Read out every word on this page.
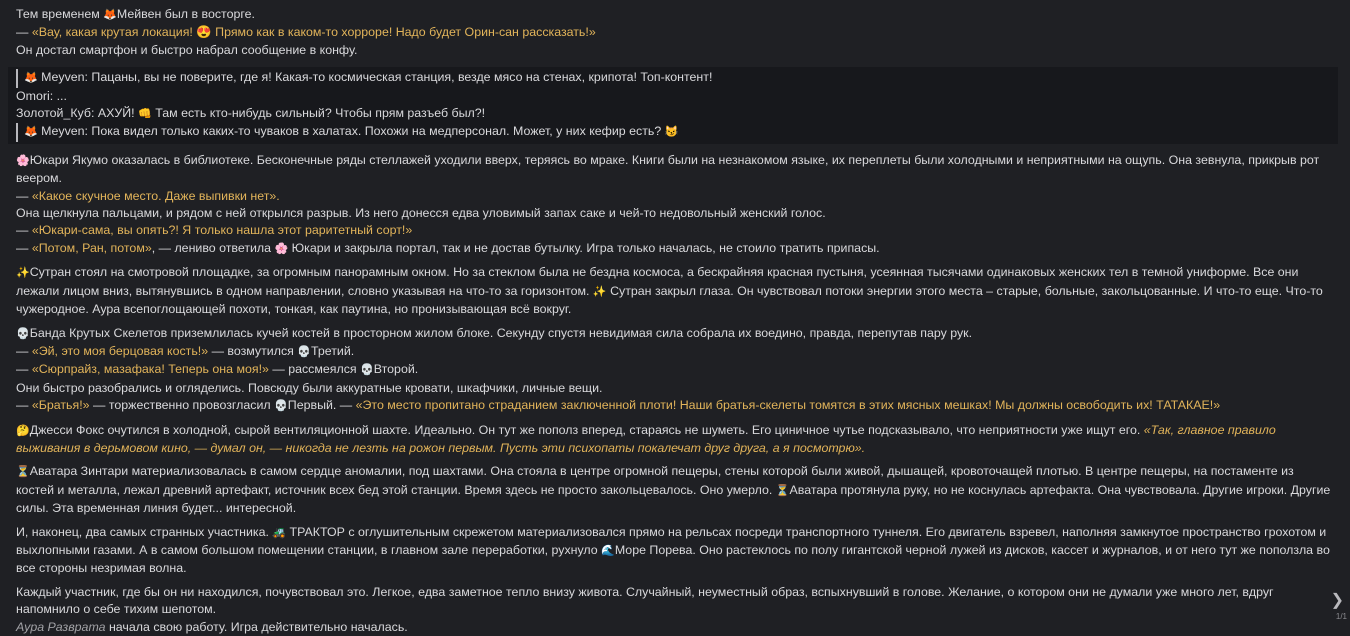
Тем временем 🦊Мейвен был в восторге.

— «Вау, какая крутая локация! 😍 Прямо как в каком-то хорроре! Надо будет Орин-сан рассказать!»

Он достал смартфон и быстро набрал сообщение в конфу.

🦊 Meyven: Пацаны, вы не поверите, где я! Какая-то космическая станция, везде мясо на стенах, крипота! Топ-контент!

Omori: ...

Золотой_Куб: АХУЙ! 👊 Там есть кто-нибудь сильный? Чтобы прям разъеб был?!

🦊 Meyven: Пока видел только каких-то чуваков в халатах. Похожи на медперсонал. Может, у них кефир есть? 😼

🌸Юкари Якумо оказалась в библиотеке. Бесконечные ряды стеллажей уходили вверх, теряясь во мраке. Книги были на незнакомом языке, их переплеты были холодными и неприятными на ощупь. Она зевнула, прикрыв рот веером.

— «Какое скучное место. Даже выпивки нет».

Она щелкнула пальцами, и рядом с ней открылся разрыв. Из него донесся едва уловимый запах саке и чей-то недовольный женский голос.

— «Юкари-сама, вы опять?! Я только нашла этот раритетный сорт!»

— «Потом, Ран, потом», — лениво ответила 🌸 Юкари и закрыла портал, так и не достав бутылку. Игра только началась, не стоило тратить припасы.

✨Сутран стоял на смотровой площадке, за огромным панорамным окном. Но за стеклом была не бездна космоса, а бескрайняя красная пустыня, усеянная тысячами одинаковых женских тел в темной униформе. Все они лежали лицом вниз, вытянувшись в одном направлении, словно указывая на что-то за горизонтом. ✨ Сутран закрыл глаза. Он чувствовал потоки энергии этого места – старые, больные, закольцованные. И что-то еще. Что-то чужеродное. Аура всепоглощающей похоти, тонкая, как паутина, но пронизывающая всё вокруг.

💀Банда Крутых Скелетов приземлилась кучей костей в просторном жилом блоке. Секунду спустя невидимая сила собрала их воедино, правда, перепутав пару рук.

— «Эй, это моя берцовая кость!» — возмутился 💀Третий.

— «Сюрпрайз, мазафака! Теперь она моя!» — рассмеялся 💀Второй.

Они быстро разобрались и огляделись. Повсюду были аккуратные кровати, шкафчики, личные вещи.

— «Братья!» — торжественно провозгласил 💀Первый. — «Это место пропитано страданием заключенной плоти! Наши братья-скелеты томятся в этих мясных мешках! Мы должны освободить их! ТАТАКАЕ!»

🤔Джесси Фокс очутился в холодной, сырой вентиляционной шахте. Идеально. Он тут же пополз вперед, стараясь не шуметь. Его циничное чутье подсказывало, что неприятности уже ищут его. «Так, главное правило
выживания в дерьмовом кино, — думал он, — никогда не лезть на рожон первым. Пусть эти психопаты покалечат друг друга, а я посмотрю».

⏳Аватара Зинтари материализовалась в самом сердце аномалии, под шахтами. Она стояла в центре огромной пещеры, стены которой были живой, дышащей, кровоточащей плотью. В центре пещеры, на постаменте из костей и металла, лежал древний артефакт, источник всех бед этой станции. Время здесь не просто закольцевалось. Оно умерло. ⏳Аватара протянула руку, но не коснулась артефакта. Она чувствовала. Другие игроки. Другие силы. Эта временная линия будет... интересной.

И, наконец, два самых странных участника. 🚜 ТРАКТОР с оглушительным скрежетом материализовался прямо на рельсах посреди транспортного туннеля. Его двигатель взревел, наполняя замкнутое пространство грохотом и выхлопными газами. А в самом большом помещении станции, в главном зале переработки, рухнуло 🌊Море Порева. Оно растеклось по полу гигантской черной лужей из дисков, кассет и журналов, и от него тут же поползла во все стороны незримая волна.

Каждый участник, где бы он ни находился, почувствовал это. Легкое, едва заметное тепло внизу живота. Случайный, неуместный образ, вспыхнувший в голове. Желание, о котором они не думали уже много лет, вдруг напомнило о себе тихим шепотом.

Аура Разврата начала свою работу. Игра действительно началась.

❯
1/1
